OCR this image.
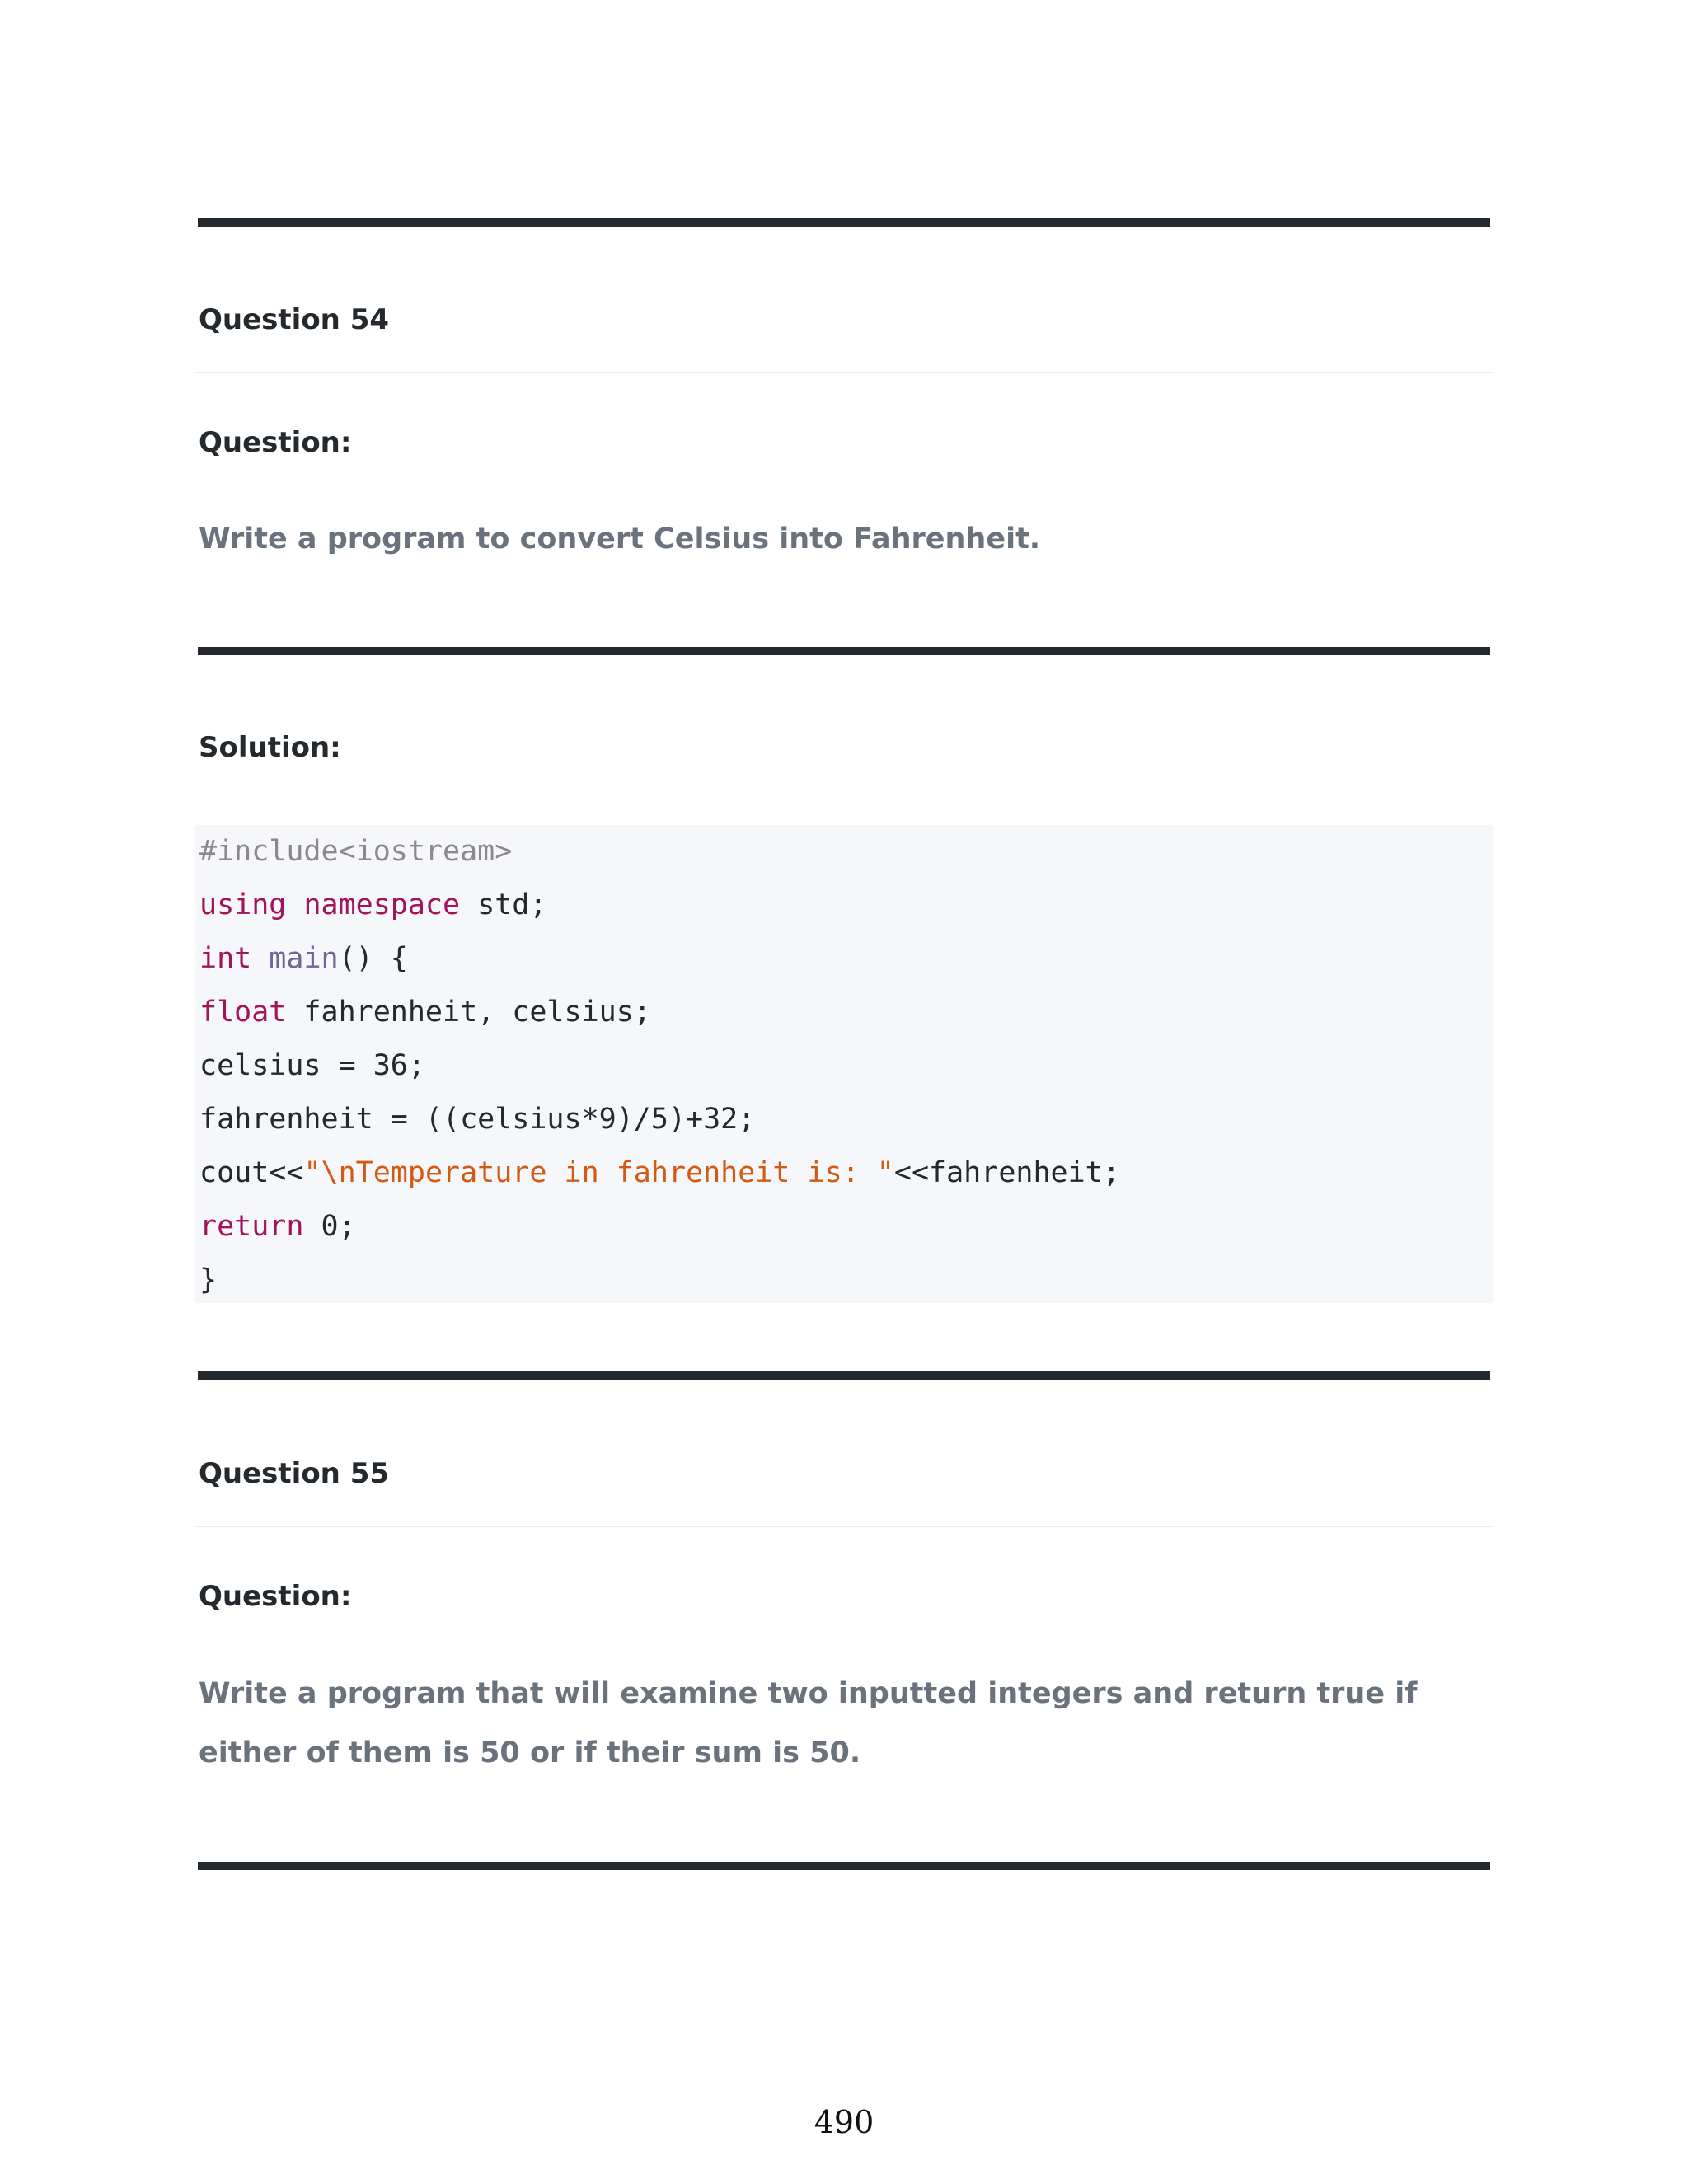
Question 54
Question:
Write a program to convert Celsius into Fahrenheit.
Solution:
#include<iostream>
using namespace std;
int main() {
float fahrenheit, celsius;
celsius = 36;
fahrenheit = ((celsius*9)/5)+32;
cout<<"\nTemperature in fahrenheit is: "<<fahrenheit;
return 0;
}
Question 55
Question:
Write a program that will examine two inputted integers and return true if either of them is 50 or if their sum is 50.
490
